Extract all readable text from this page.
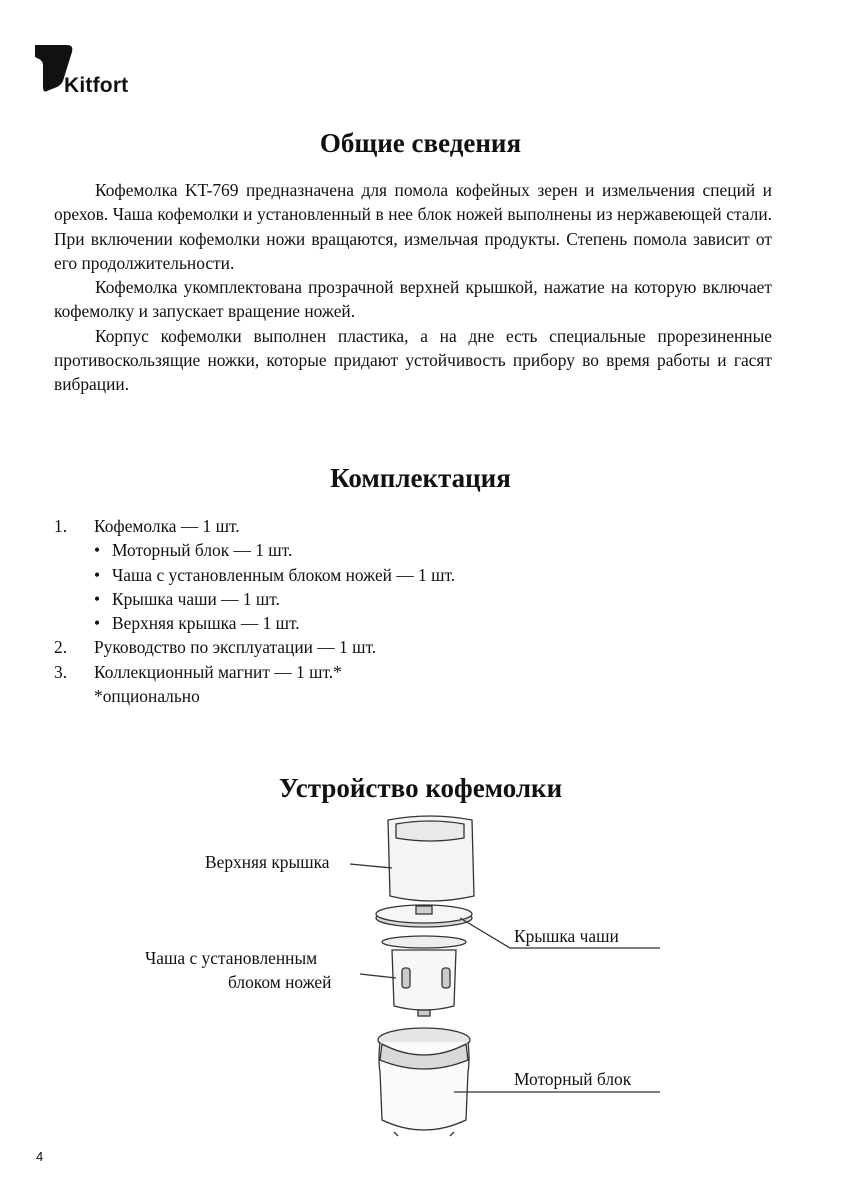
Kitfort
Общие сведения

Кофемолка KT-769 предназначена для помола кофейных зерен и измельчения специй и орехов. Чаша кофемолки и установленный в нее блок ножей выполнены из нержавеющей стали. При включении кофемолки ножи вращаются, измельчая продукты. Степень помола зависит от его продолжительности.

Кофемолка укомплектована прозрачной верхней крышкой, нажатие на которую включает кофемолку и запускает вращение ножей.

Корпус кофемолки выполнен пластика, а на дне есть специальные прорезиненные противоскользящие ножки, которые придают устойчивость прибору во время работы и гасят вибрации.

Комплектация
1. Кофемолка — 1 шт.
• Моторный блок — 1 шт.
• Чаша с установленным блоком ножей — 1 шт.
• Крышка чаши — 1 шт.
• Верхняя крышка — 1 шт.
2. Руководство по эксплуатации — 1 шт.
3. Коллекционный магнит — 1 шт.*
*опционально
Устройство кофемолки
Верхняя крышка
Чаша с установленным
блоком ножей
Крышка чаши
Моторный блок
4
